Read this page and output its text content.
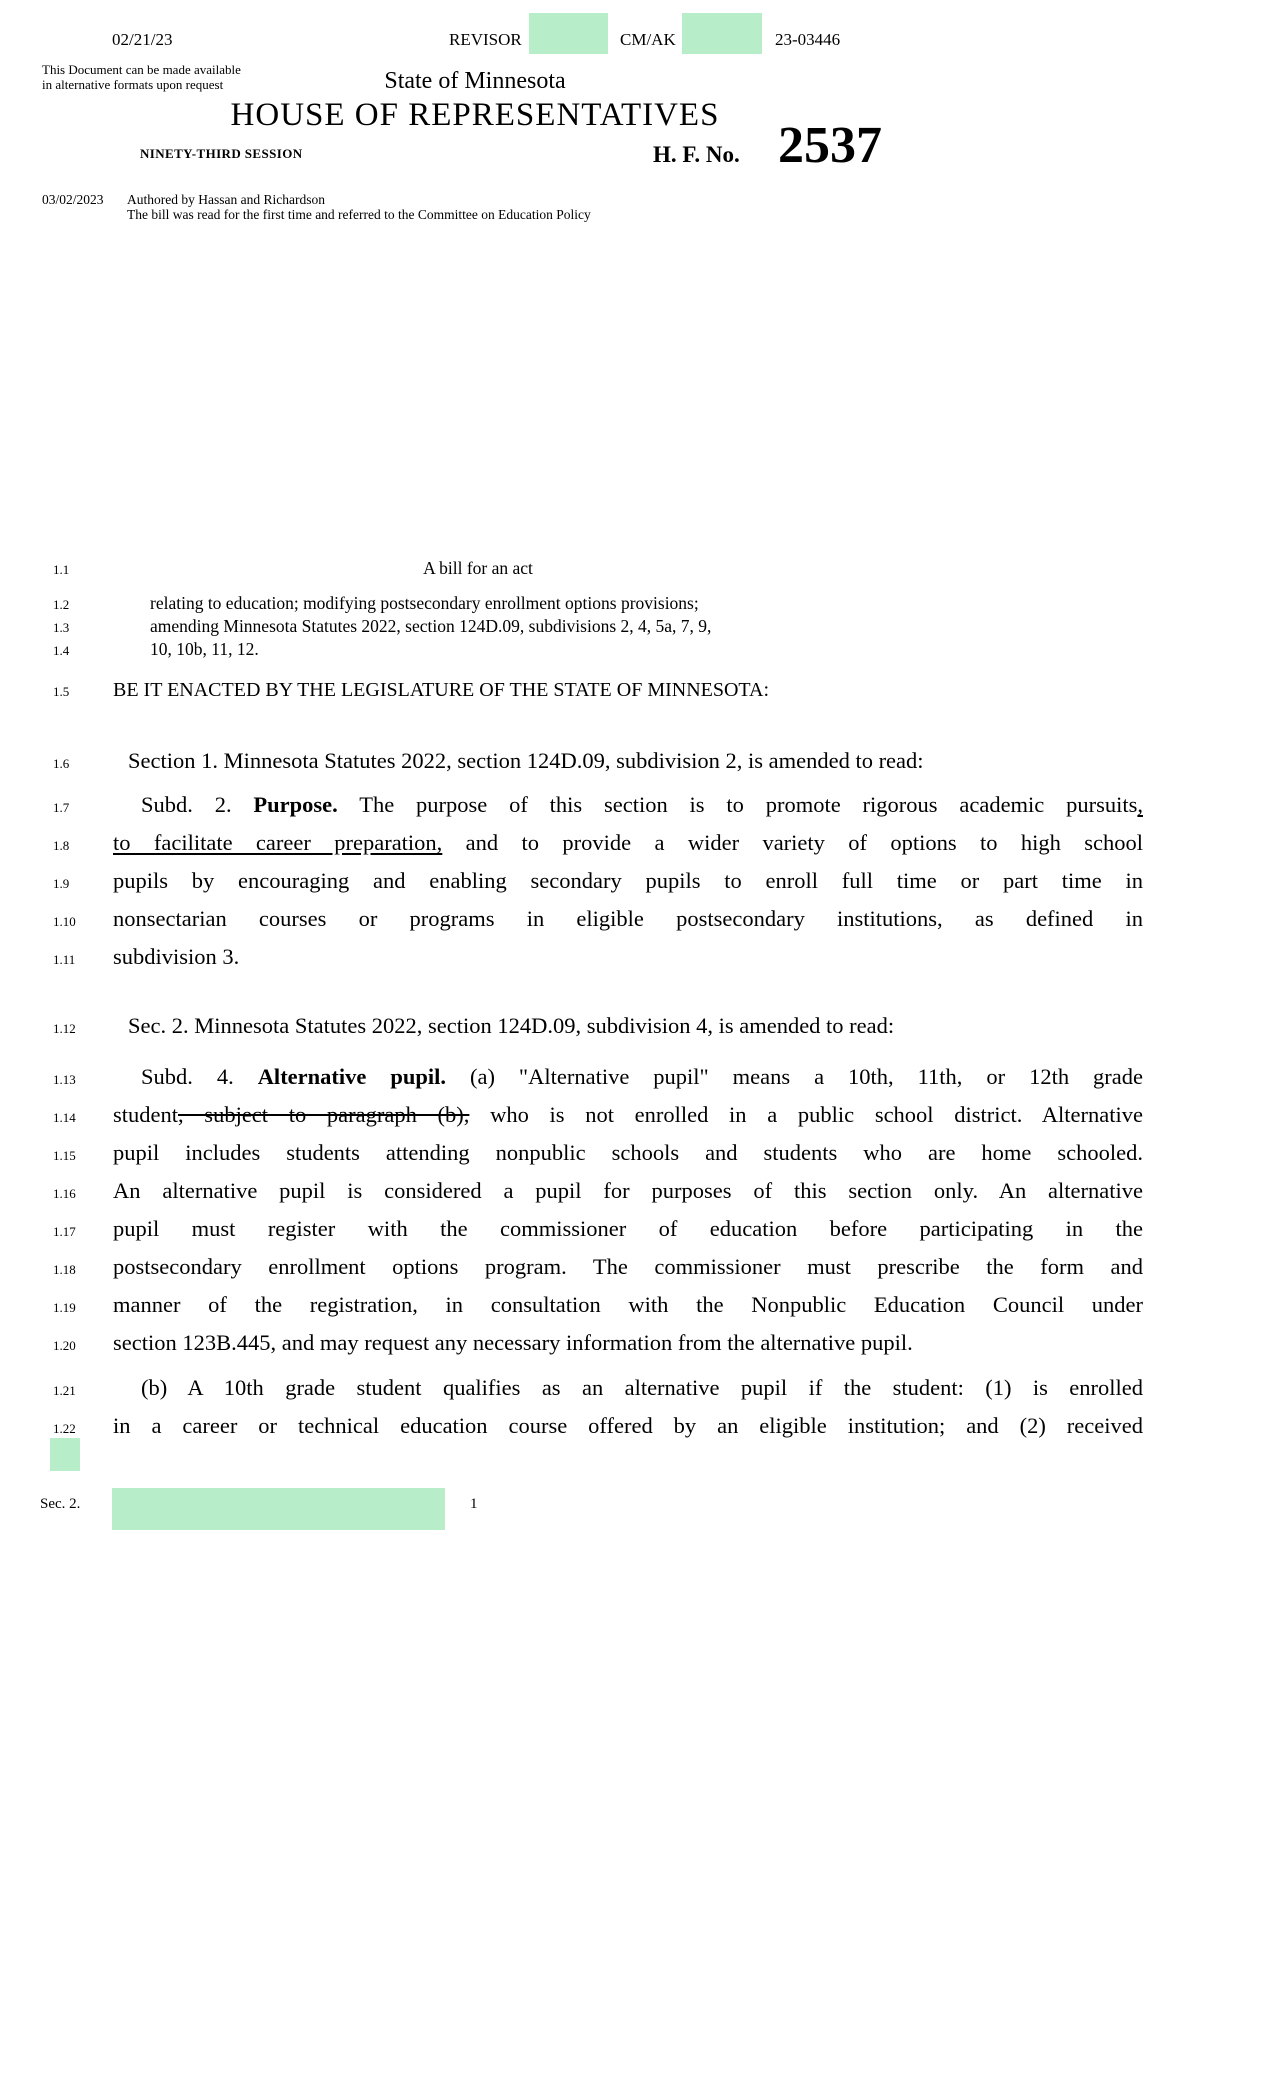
02/21/23	REVISOR	CM/AK	23-03446
This Document can be made available
in alternative formats upon request	State of Minnesota
HOUSE OF REPRESENTATIVES
NINETY-THIRD SESSION	H. F. No. 2537
03/02/2023 Authored by Hassan and Richardson
The bill was read for the first time and referred to the Committee on Education Policy
1.1	A bill for an act
1.2	relating to education; modifying postsecondary enrollment options provisions;
1.3	amending Minnesota Statutes 2022, section 124D.09, subdivisions 2, 4, 5a, 7, 9,
1.4	10, 10b, 11, 12.
1.5	BE IT ENACTED BY THE LEGISLATURE OF THE STATE OF MINNESOTA:
1.6	Section 1. Minnesota Statutes 2022, section 124D.09, subdivision 2, is amended to read:
1.7	Subd. 2. Purpose. The purpose of this section is to promote rigorous academic pursuits,
1.8	to facilitate career preparation, and to provide a wider variety of options to high school
1.9	pupils by encouraging and enabling secondary pupils to enroll full time or part time in
1.10	nonsectarian courses or programs in eligible postsecondary institutions, as defined in
1.11	subdivision 3.
1.12	Sec. 2. Minnesota Statutes 2022, section 124D.09, subdivision 4, is amended to read:
1.13	Subd. 4. Alternative pupil. (a) "Alternative pupil" means a 10th, 11th, or 12th grade
1.14	student, subject to paragraph (b), who is not enrolled in a public school district. Alternative
1.15	pupil includes students attending nonpublic schools and students who are home schooled.
1.16	An alternative pupil is considered a pupil for purposes of this section only. An alternative
1.17	pupil must register with the commissioner of education before participating in the
1.18	postsecondary enrollment options program. The commissioner must prescribe the form and
1.19	manner of the registration, in consultation with the Nonpublic Education Council under
1.20	section 123B.445, and may request any necessary information from the alternative pupil.
1.21	(b) A 10th grade student qualifies as an alternative pupil if the student: (1) is enrolled
1.22	in a career or technical education course offered by an eligible institution; and (2) received
Sec. 2.	1
